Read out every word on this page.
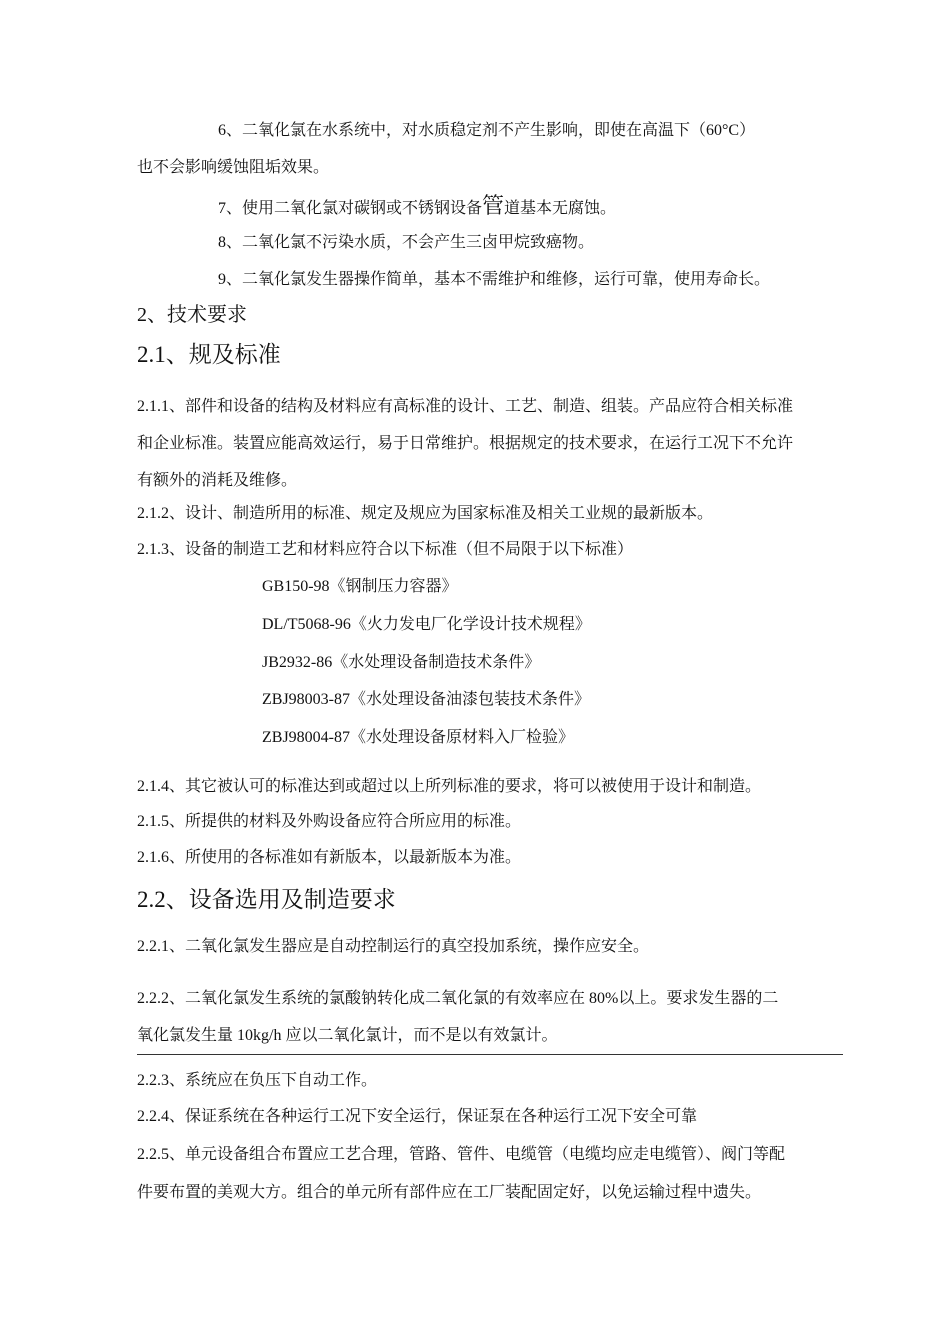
6、二氧化氯在水系统中，对水质稳定剂不产生影响，即使在高温下（60°C）
也不会影响缓蚀阻垢效果。
7、使用二氧化氯对碳钢或不锈钢设备管道基本无腐蚀。
8、二氧化氯不污染水质，不会产生三卤甲烷致癌物。
9、二氧化氯发生器操作简单，基本不需维护和维修，运行可靠，使用寿命长。
2、技术要求
2.1、规及标准
2.1.1、部件和设备的结构及材料应有高标准的设计、工艺、制造、组装。产品应符合相关标准
和企业标准。装置应能高效运行，易于日常维护。根据规定的技术要求，在运行工况下不允许
有额外的消耗及维修。
2.1.2、设计、制造所用的标准、规定及规应为国家标准及相关工业规的最新版本。
2.1.3、设备的制造工艺和材料应符合以下标准（但不局限于以下标准）
GB150-98《钢制压力容器》
DL/T5068-96《火力发电厂化学设计技术规程》
JB2932-86《水处理设备制造技术条件》
ZBJ98003-87《水处理设备油漆包装技术条件》
ZBJ98004-87《水处理设备原材料入厂检验》
2.1.4、其它被认可的标准达到或超过以上所列标准的要求，将可以被使用于设计和制造。
2.1.5、所提供的材料及外购设备应符合所应用的标准。
2.1.6、所使用的各标准如有新版本，以最新版本为准。
2.2、设备选用及制造要求
2.2.1、二氧化氯发生器应是自动控制运行的真空投加系统，操作应安全。
2.2.2、二氧化氯发生系统的氯酸钠转化成二氧化氯的有效率应在 80%以上。要求发生器的二
氧化氯发生量 10kg/h 应以二氧化氯计，而不是以有效氯计。
2.2.3、系统应在负压下自动工作。
2.2.4、保证系统在各种运行工况下安全运行，保证泵在各种运行工况下安全可靠
2.2.5、单元设备组合布置应工艺合理，管路、管件、电缆管（电缆均应走电缆管）、阀门等配
件要布置的美观大方。组合的单元所有部件应在工厂装配固定好，以免运输过程中遗失。
